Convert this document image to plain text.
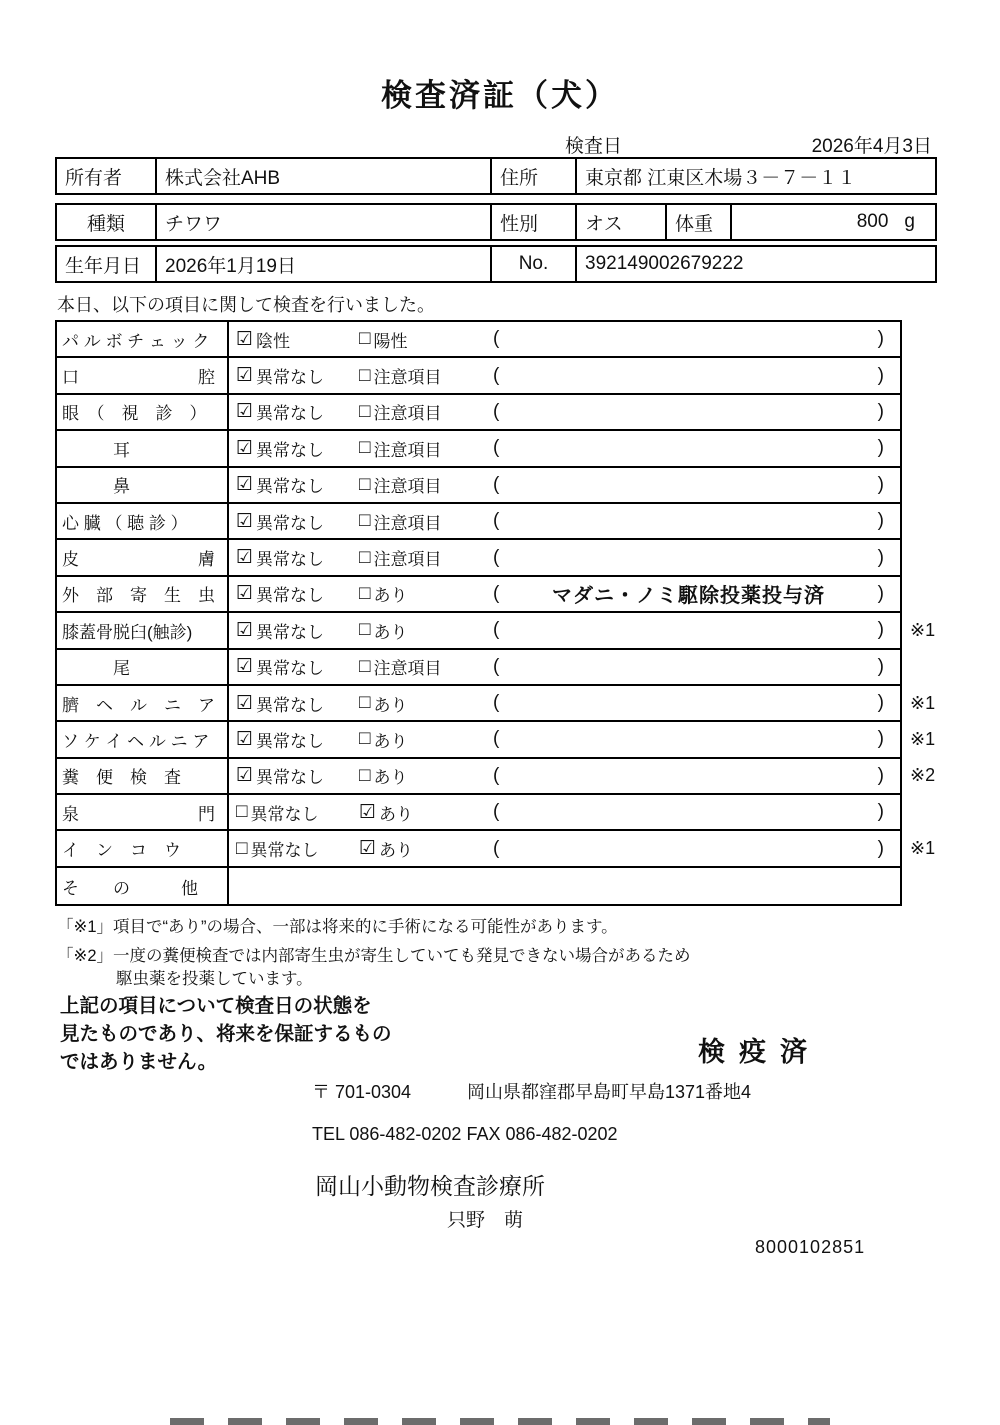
検査済証（犬）
検査日	2026年4月3日
所有者	株式会社AHB	住所	東京都 江東区木場３－７－１１
種類	チワワ	性別	オス	体重	800 g
生年月日	2026年1月19日	No.	392149002679222
本日、以下の項目に関して検査を行いました。
パ ル ボ チ ェ ッ ク	☑ 陰性	□ 陽性	(	)
口　　　　　　　腔	☑ 異常なし □ 注意項目	(	)
眼　（　視　診　）	☑ 異常なし □ 注意項目	(	)
　　　耳	☑ 異常なし □ 注意項目	(	)
　　　鼻	☑ 異常なし □ 注意項目	(	)
心 臓 （ 聴 診 ）	☑ 異常なし □ 注意項目	(	)
皮　　　　　　　膚	☑ 異常なし □ 注意項目	(	)
外　部　寄　生　虫	☑ 異常なし □ あり	(	マダニ・ノミ駆除投薬投与済	)
膝蓋骨脱臼(触診)	☑ 異常なし □ あり	(	) ※1
　　　尾	☑ 異常なし □ 注意項目	(	)
臍　ヘ　ル　ニ　ア	☑ 異常なし □ あり	(	) ※1
ソ ケ イ ヘ ル ニ ア	☑ 異常なし □ あり	(	) ※1
糞　便　検　査	☑ 異常なし □ あり	(	) ※2
泉　　　　　　　門	□ 異常なし ☑ あり	(	)
イ　ン　コ　ウ	□ 異常なし ☑ あり	(	) ※1
そ　　の　　　他
「※1」項目で“あり”の場合、一部は将来的に手術になる可能性があります。
「※2」一度の糞便検査では内部寄生虫が寄生していても発見できない場合があるため
駆虫薬を投薬しています。
上記の項目について検査日の状態を
見たものであり、将来を保証するもの
ではありません。	検疫済
〒 701-0304	岡山県都窪郡早島町早島1371番地4
TEL 086-482-0202 FAX 086-482-0202
岡山小動物検査診療所
只野　萌
8000102851
